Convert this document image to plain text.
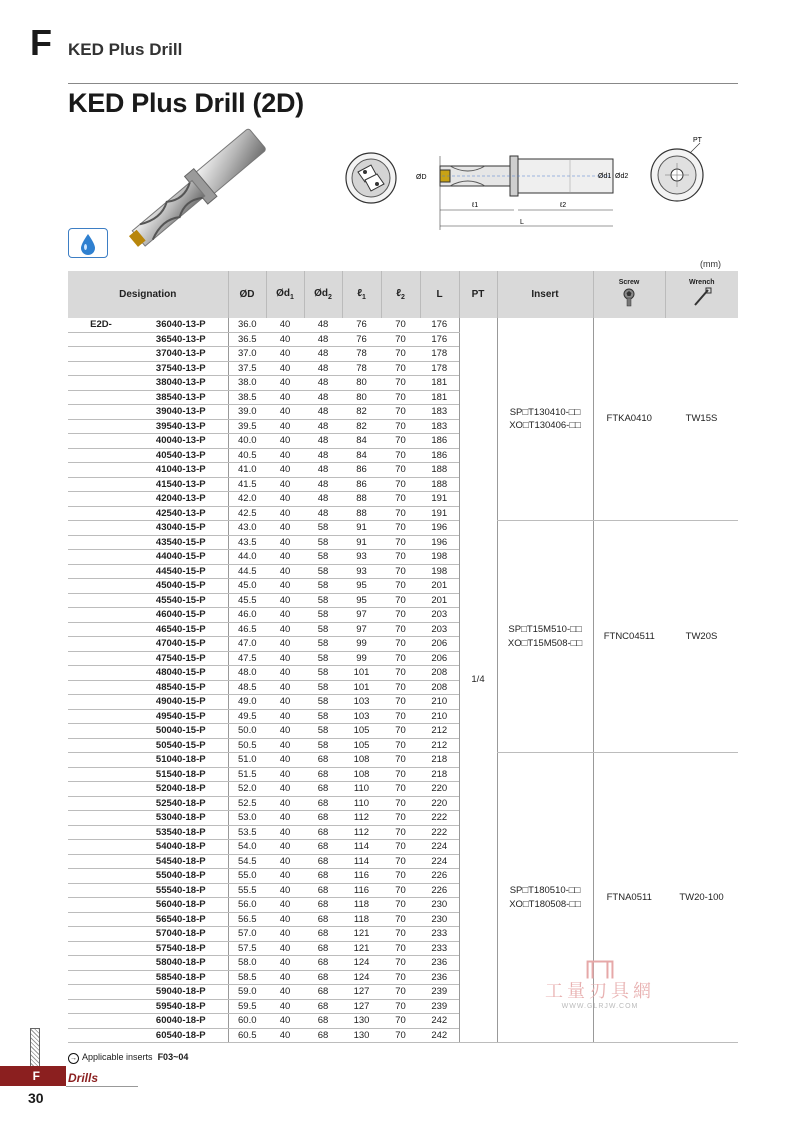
F KED Plus Drill
KED Plus Drill (2D)
ØD	Ød1 Ød2
ℓ1	ℓ2
L
PT
(mm)
Designation		ØD	$Ød_1$	$Ød_2$	ℓ$_1$	ℓ$_2$	L	PT	Insert	Screw	Wrench

E2D-	36040-13-P	36.0	40	48	76	70	176	1/4	SP□T130410-□□
XO□T130406-□□	FTKA0410	TW15S
	36540-13-P	36.5	40	48	76	70	176				
	37040-13-P	37.0	40	48	78	70	178				
	37540-13-P	37.5	40	48	78	70	178				
	38040-13-P	38.0	40	48	80	70	181				
	38540-13-P	38.5	40	48	80	70	181				
	39040-13-P	39.0	40	48	82	70	183				
	39540-13-P	39.5	40	48	82	70	183				
	40040-13-P	40.0	40	48	84	70	186				
	40540-13-P	40.5	40	48	84	70	186				
	41040-13-P	41.0	40	48	86	70	188				
	41540-13-P	41.5	40	48	86	70	188				
	42040-13-P	42.0	40	48	88	70	191				
	42540-13-P	42.5	40	48	88	70	191				
	43040-15-P	43.0	40	58	91	70	196		SP□T15M510-□□
XO□T15M508-□□	FTNC04511	TW20S
	43540-15-P	43.5	40	58	91	70	196				
	44040-15-P	44.0	40	58	93	70	198				
	44540-15-P	44.5	40	58	93	70	198				
	45040-15-P	45.0	40	58	95	70	201				
	45540-15-P	45.5	40	58	95	70	201				
	46040-15-P	46.0	40	58	97	70	203				
	46540-15-P	46.5	40	58	97	70	203				
	47040-15-P	47.0	40	58	99	70	206				
	47540-15-P	47.5	40	58	99	70	206				
	48040-15-P	48.0	40	58	101	70	208				
	48540-15-P	48.5	40	58	101	70	208				
	49040-15-P	49.0	40	58	103	70	210				
	49540-15-P	49.5	40	58	103	70	210				
	50040-15-P	50.0	40	58	105	70	212				
	50540-15-P	50.5	40	58	105	70	212				
	51040-18-P	51.0	40	68	108	70	218		SP□T180510-□□
XO□T180508-□□	FTNA0511	TW20-100
	51540-18-P	51.5	40	68	108	70	218				
	52040-18-P	52.0	40	68	110	70	220				
	52540-18-P	52.5	40	68	110	70	220				
	53040-18-P	53.0	40	68	112	70	222				
	53540-18-P	53.5	40	68	112	70	222				
	54040-18-P	54.0	40	68	114	70	224				
	54540-18-P	54.5	40	68	114	70	224				
	55040-18-P	55.0	40	68	116	70	226				
	55540-18-P	55.5	40	68	116	70	226				
	56040-18-P	56.0	40	68	118	70	230				
	56540-18-P	56.5	40	68	118	70	230				
	57040-18-P	57.0	40	68	121	70	233				
	57540-18-P	57.5	40	68	121	70	233				
	58040-18-P	58.0	40	68	124	70	236				
	58540-18-P	58.5	40	68	124	70	236				
	59040-18-P	59.0	40	68	127	70	239				
	59540-18-P	59.5	40	68	127	70	239				
	60040-18-P	60.0	40	68	130	70	242				
	60540-18-P	60.5	40	68	130	70	242				
╓╖
工量刃具網
WWW.GLRJW.COM
→ Applicable inserts F03~04
F	Drills
30
